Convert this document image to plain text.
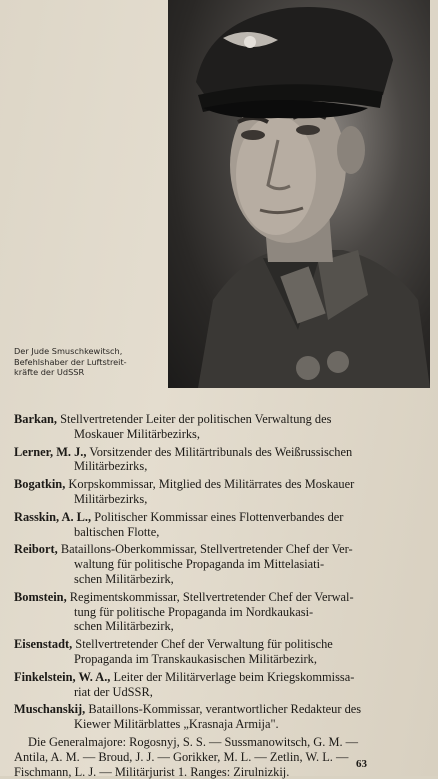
Der Jude Smuschkewitsch,
Befehlshaber der Luftstreit-
kräfte der UdSSR
Barkan, Stellvertretender Leiter der politischen Verwaltung des
Moskauer Militärbezirks,
Lerner, M. J., Vorsitzender des Militärtribunals des Weißrussischen
Militärbezirks,
Bogatkin, Korpskommissar, Mitglied des Militärrates des Moskauer
Militärbezirks,
Rasskin, A. L., Politischer Kommissar eines Flottenverbandes der
baltischen Flotte,
Reibort, Bataillons-Oberkommissar, Stellvertretender Chef der Ver-
waltung für politische Propaganda im Mittelasiati-
schen Militärbezirk,
Bomstein, Regimentskommissar, Stellvertretender Chef der Verwal-
tung für politische Propaganda im Nordkaukasi-
schen Militärbezirk,
Eisenstadt, Stellvertretender Chef der Verwaltung für politische
Propaganda im Transkaukasischen Militärbezirk,
Finkelstein, W. A., Leiter der Militärverlage beim Kriegskommissa-
riat der UdSSR,
Muschanskij, Bataillons-Kommissar, verantwortlicher Redakteur des
Kiewer Militärblattes „Krasnaja Armija".
Die Generalmajore: Rogosnyj, S. S. — Sussmanowitsch, G. M. —
Antila, A. M. — Broud, J. J. — Gorikker, M. L. — Zetlin, W. L. —
Fischmann, L. J. — Militärjurist 1. Ranges: Zirulnizkij.
63
